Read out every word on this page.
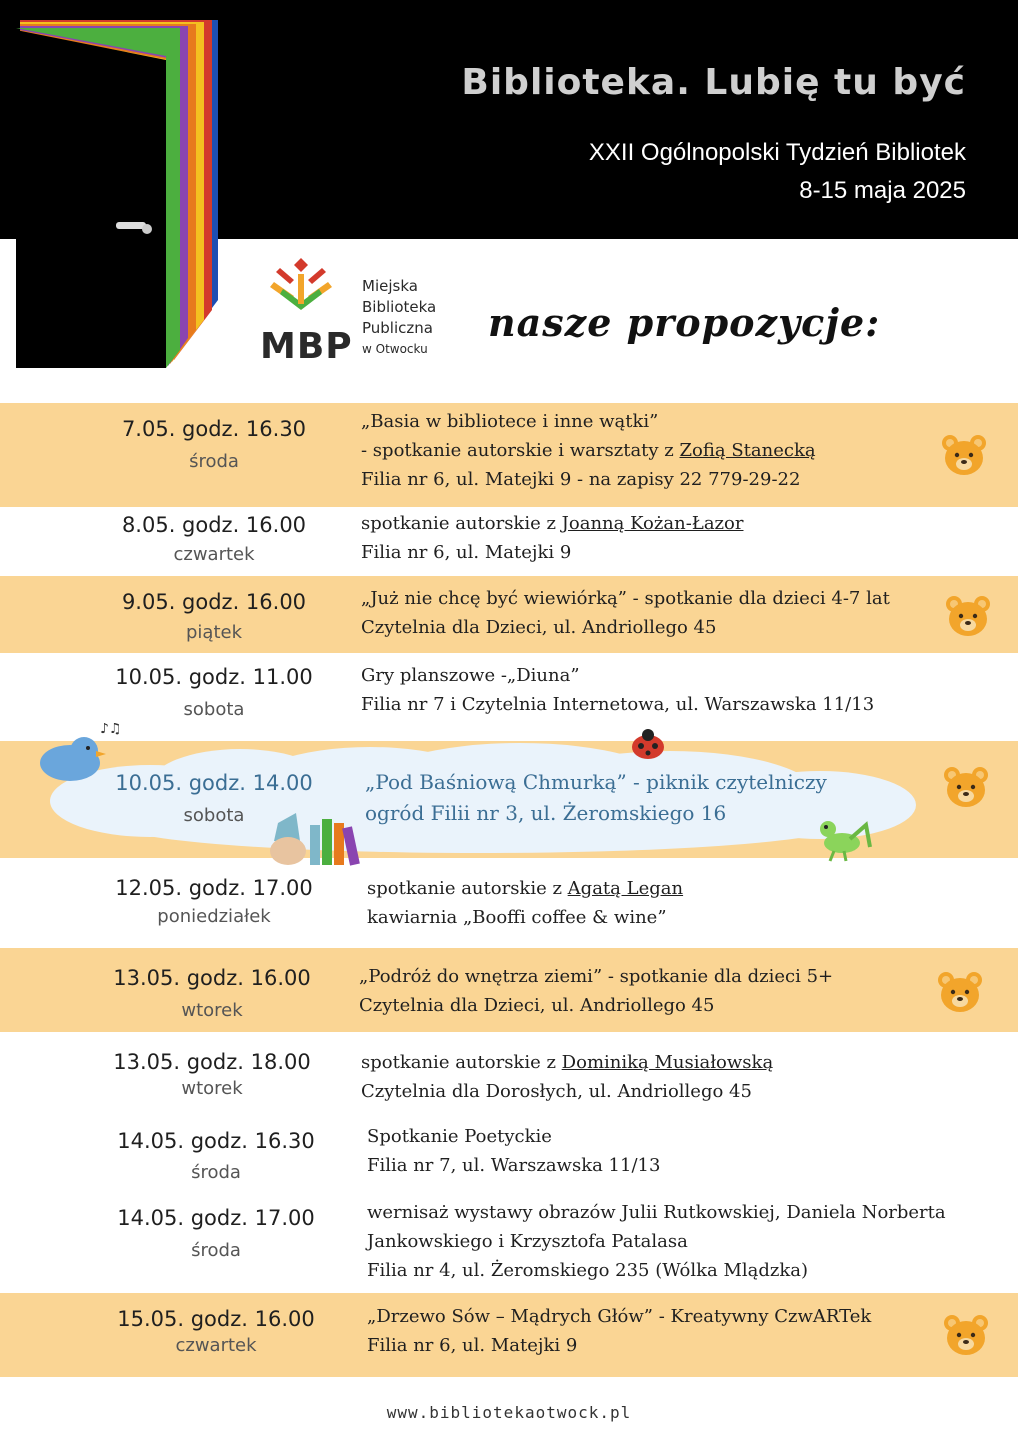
Biblioteka. Lubię tu być
XXII Ogólnopolski Tydzień Bibliotek
8-15 maja 2025
MBP
Miejska
Biblioteka
Publiczna
w Otwocku
nasze propozycje:
7.05. godz. 16.30
środa
„Basia w bibliotece i inne wątki”
- spotkanie autorskie i warsztaty z Zofią Stanecką
Filia nr 6, ul. Matejki 9 - na zapisy 22 779-29-22
8.05. godz. 16.00
czwartek
spotkanie autorskie z Joanną Kożan-Łazor
Filia nr 6, ul. Matejki 9
9.05. godz. 16.00
piątek
„Już nie chcę być wiewiórką” - spotkanie dla dzieci 4-7 lat
Czytelnia dla Dzieci, ul. Andriollego 45
10.05. godz. 11.00
sobota
Gry planszowe -„Diuna”
Filia nr 7 i Czytelnia Internetowa, ul. Warszawska 11/13
♪♫
10.05. godz. 14.00
sobota
„Pod Baśniową Chmurką” - piknik czytelniczy
ogród Filii nr 3, ul. Żeromskiego 16
12.05. godz. 17.00
poniedziałek
spotkanie autorskie z Agatą Legan
kawiarnia „Booffi coffee & wine”
13.05. godz. 16.00
wtorek
„Podróż do wnętrza ziemi” - spotkanie dla dzieci 5+
Czytelnia dla Dzieci, ul. Andriollego 45
13.05. godz. 18.00
wtorek
spotkanie autorskie z Dominiką Musiałowską
Czytelnia dla Dorosłych, ul. Andriollego 45
14.05. godz. 16.30
środa
Spotkanie Poetyckie
Filia nr 7, ul. Warszawska 11/13
14.05. godz. 17.00
środa
wernisaż wystawy obrazów Julii Rutkowskiej, Daniela Norberta
Jankowskiego i Krzysztofa Patalasa
Filia nr 4, ul. Żeromskiego 235 (Wólka Mlądzka)
15.05. godz. 16.00
czwartek
„Drzewo Sów – Mądrych Głów” - Kreatywny CzwARTek
Filia nr 6, ul. Matejki 9
www.bibliotekaotwock.pl
